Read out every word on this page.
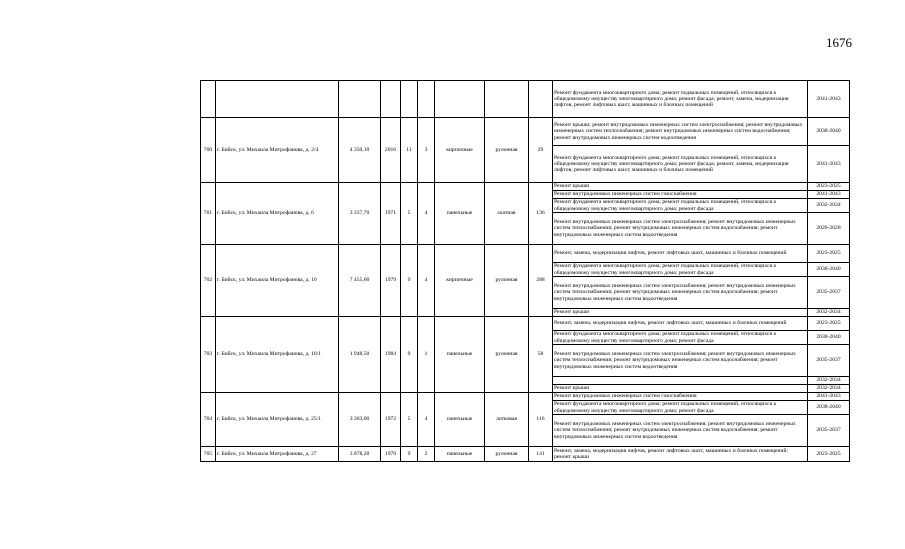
1676
									Ремонт фундамента многоквартирного дома; ремонт подвальных помещений, относящихся к общедомовому имуществу многоквартирного дома; ремонт фасада; ремонт, замена, модернизация лифтов, ремонт лифтовых шахт, машинных и блочных помещений	2041-2043
700	г. Бийск, ул. Михаила Митрофанова, д. 2/4	4 350,10	2016	11	3	кирпичные	рулонная	29	Ремонт крыши; ремонт внутридомовых инженерных систем электроснабжения; ремонт внутридомовых инженерных систем теплоснабжения; ремонт внутридомовых инженерных систем водоснабжения; ремонт внутридомовых инженерных систем водоотведения	2038-2040
									Ремонт фундамента многоквартирного дома; ремонт подвальных помещений, относящихся к общедомовому имуществу многоквартирного дома; ремонт фасада; ремонт, замена, модернизация лифтов, ремонт лифтовых шахт, машинных и блочных помещений	2041-2043
701	г. Бийск, ул. Михаила Митрофанова, д. 6	3 337,70	1971	5	4	панельные	скатная	136	Ремонт крыши	2023-2025
									Ремонт внутридомовых инженерных систем газоснабжения	2041-2043
									Ремонт фундамента многоквартирного дома; ремонт подвальных помещений, относящихся к общедомовому имуществу многоквартирного дома; ремонт фасада	2032-2034
									Ремонт внутридомовых инженерных систем электроснабжения; ремонт внутридомовых инженерных систем теплоснабжения; ремонт внутридомовых инженерных систем водоснабжения; ремонт внутридомовых инженерных систем водоотведения	2026-2028
702	г. Бийск, ул. Михаила Митрофанова, д. 10	7 455,60	1979	9	4	кирпичные	рулонная	288	Ремонт, замена, модернизация лифтов, ремонт лифтовых шахт, машинных и блочных помещений	2023-2025
									Ремонт фундамента многоквартирного дома; ремонт подвальных помещений, относящихся к общедомовому имуществу многоквартирного дома; ремонт фасада	2038-2040
									Ремонт внутридомовых инженерных систем электроснабжения; ремонт внутридомовых инженерных систем теплоснабжения; ремонт внутридомовых инженерных систем водоснабжения; ремонт внутридомовых инженерных систем водоотведения	2035-2037
									Ремонт крыши	2032-2034
703	г. Бийск, ул. Михаила Митрофанова, д. 10/1	1 948,50	1984	9	1	панельные	рулонная	58	Ремонт, замена, модернизация лифтов, ремонт лифтовых шахт, машинных и блочных помещений	2023-2025
									Ремонт фундамента многоквартирного дома; ремонт подвальных помещений, относящихся к общедомовому имуществу многоквартирного дома; ремонт фасада	2038-2040
									Ремонт внутридомовых инженерных систем электроснабжения; ремонт внутридомовых инженерных систем теплоснабжения; ремонт внутридомовых инженерных систем водоснабжения; ремонт внутридомовых инженерных систем водоотведения	2035-2037
										2032-2034
									Ремонт крыши	2032-2034
704	г. Бийск, ул. Михаила Митрофанова, д. 25/1	3 363,00	1972	5	4	панельные	лотковая	116	Ремонт внутридомовых инженерных систем газоснабжения	2041-2043
									Ремонт фундамента многоквартирного дома; ремонт подвальных помещений, относящихся к общедомовому имуществу многоквартирного дома; ремонт фасада	2038-2040
									Ремонт внутридомовых инженерных систем электроснабжения; ремонт внутридомовых инженерных систем теплоснабжения; ремонт внутридомовых инженерных систем водоснабжения; ремонт внутридомовых инженерных систем водоотведения	2035-2037
705	г. Бийск, ул. Михаила Митрофанова, д. 27	3 878,20	1979	9	2	панельные	рулонная	141	Ремонт, замена, модернизация лифтов, ремонт лифтовых шахт, машинных и блочных помещений; ремонт крыши	2023-2025
